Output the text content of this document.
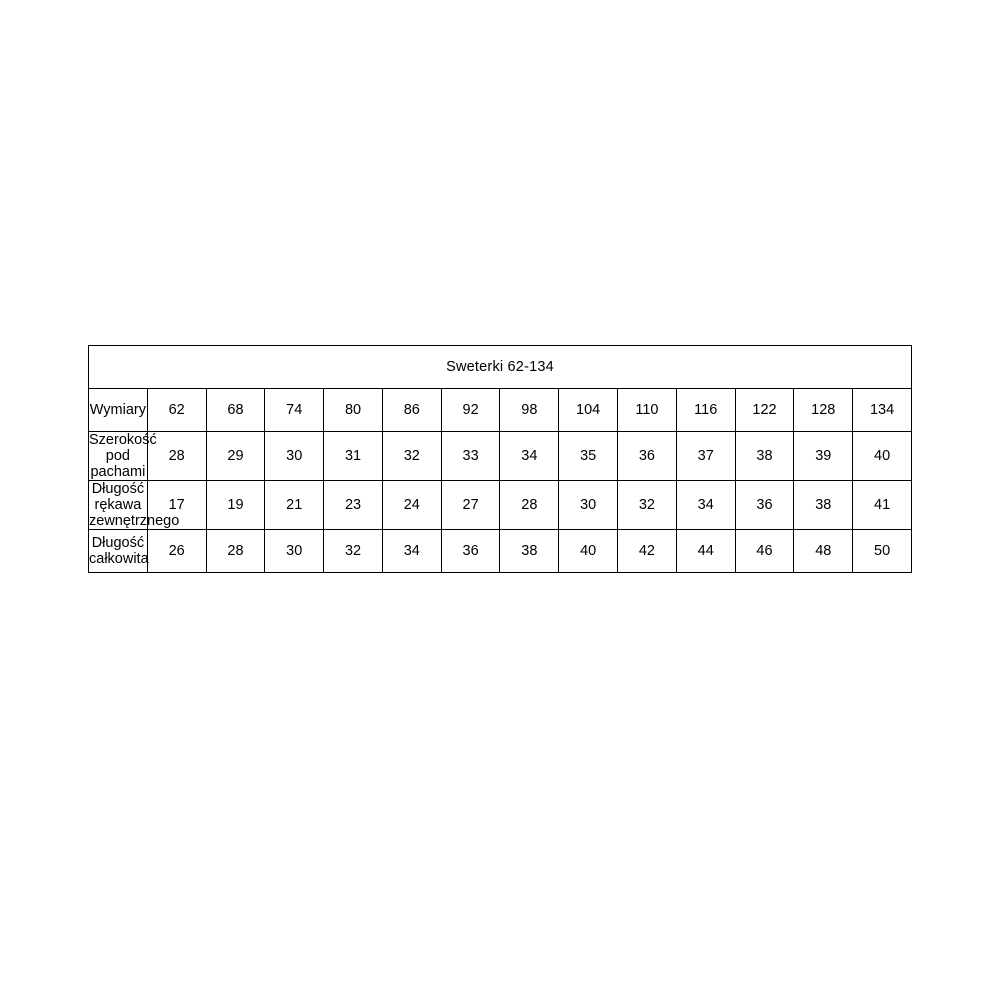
Sweterki 62-134													
Wymiary	62	68	74	80	86	92	98	104	110	116	122	128	134
Szerokość pod pachami	28	29	30	31	32	33	34	35	36	37	38	39	40
Długość rękawa zewnętrznego	17	19	21	23	24	27	28	30	32	34	36	38	41
Długość całkowita	26	28	30	32	34	36	38	40	42	44	46	48	50
